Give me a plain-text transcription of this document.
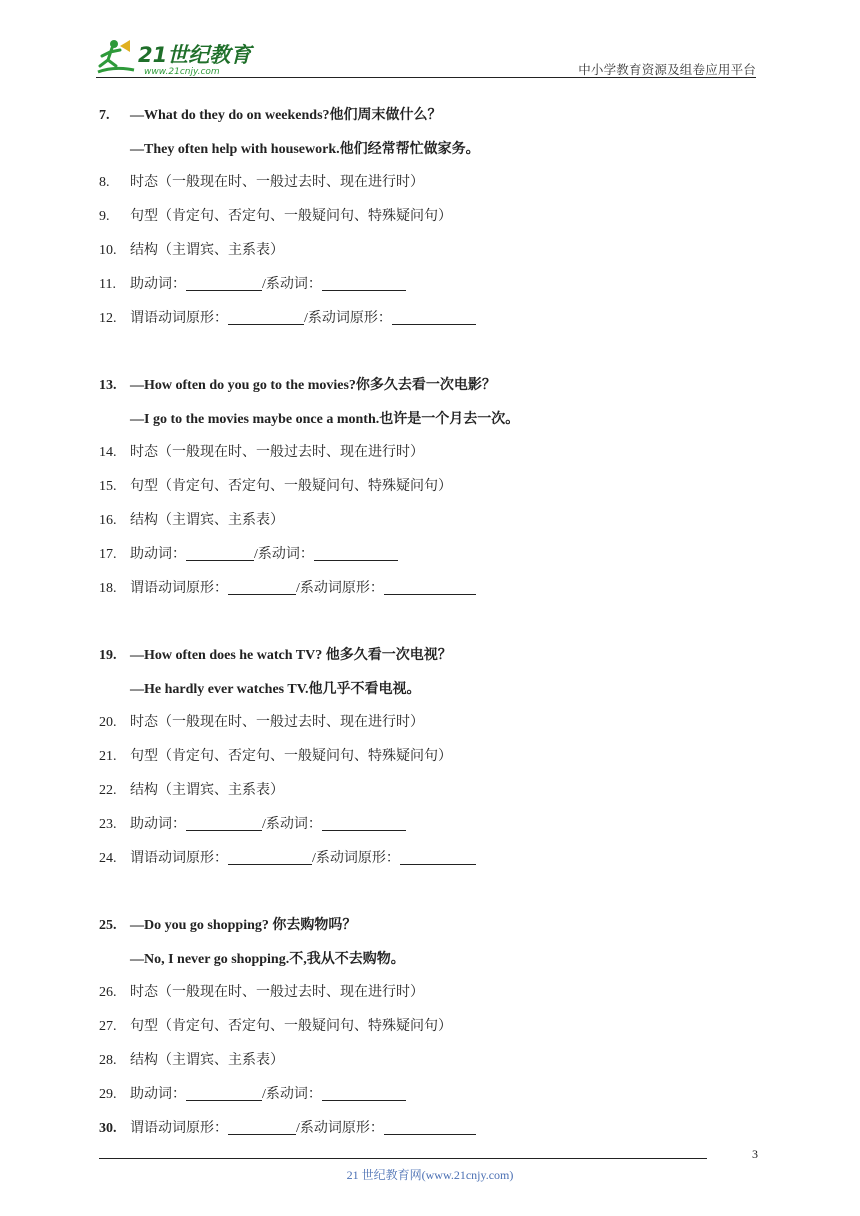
21世纪教育
www.21cnjy.com	中小学教育资源及组卷应用平台
7. —What do they do on weekends?他们周末做什么？
—They often help with housework.他们经常帮忙做家务。
8. 时态（一般现在时、一般过去时、现在进行时）
9. 句型（肯定句、否定句、一般疑问句、特殊疑问句）
10. 结构（主谓宾、主系表）
11. 助动词：	/系动词：
12. 谓语动词原形：	/系动词原形：
13. —How often do you go to the movies?你多久去看一次电影？
—I go to the movies maybe once a month.也许是一个月去一次。
14. 时态（一般现在时、一般过去时、现在进行时）
15. 句型（肯定句、否定句、一般疑问句、特殊疑问句）
16. 结构（主谓宾、主系表）
17. 助动词：	/系动词：
18. 谓语动词原形：	/系动词原形：
19. —How often does he watch TV? 他多久看一次电视？
—He hardly ever watches TV.他几乎不看电视。
20. 时态（一般现在时、一般过去时、现在进行时）
21. 句型（肯定句、否定句、一般疑问句、特殊疑问句）
22. 结构（主谓宾、主系表）
23. 助动词：	/系动词：
24. 谓语动词原形：	/系动词原形：
25. —Do you go shopping? 你去购物吗？
—No, I never go shopping.不,我从不去购物。
26. 时态（一般现在时、一般过去时、现在进行时）
27. 句型（肯定句、否定句、一般疑问句、特殊疑问句）
28. 结构（主谓宾、主系表）
29. 助动词：	/系动词：
30. 谓语动词原形：	/系动词原形：
3
21 世纪教育网(www.21cnjy.com)
